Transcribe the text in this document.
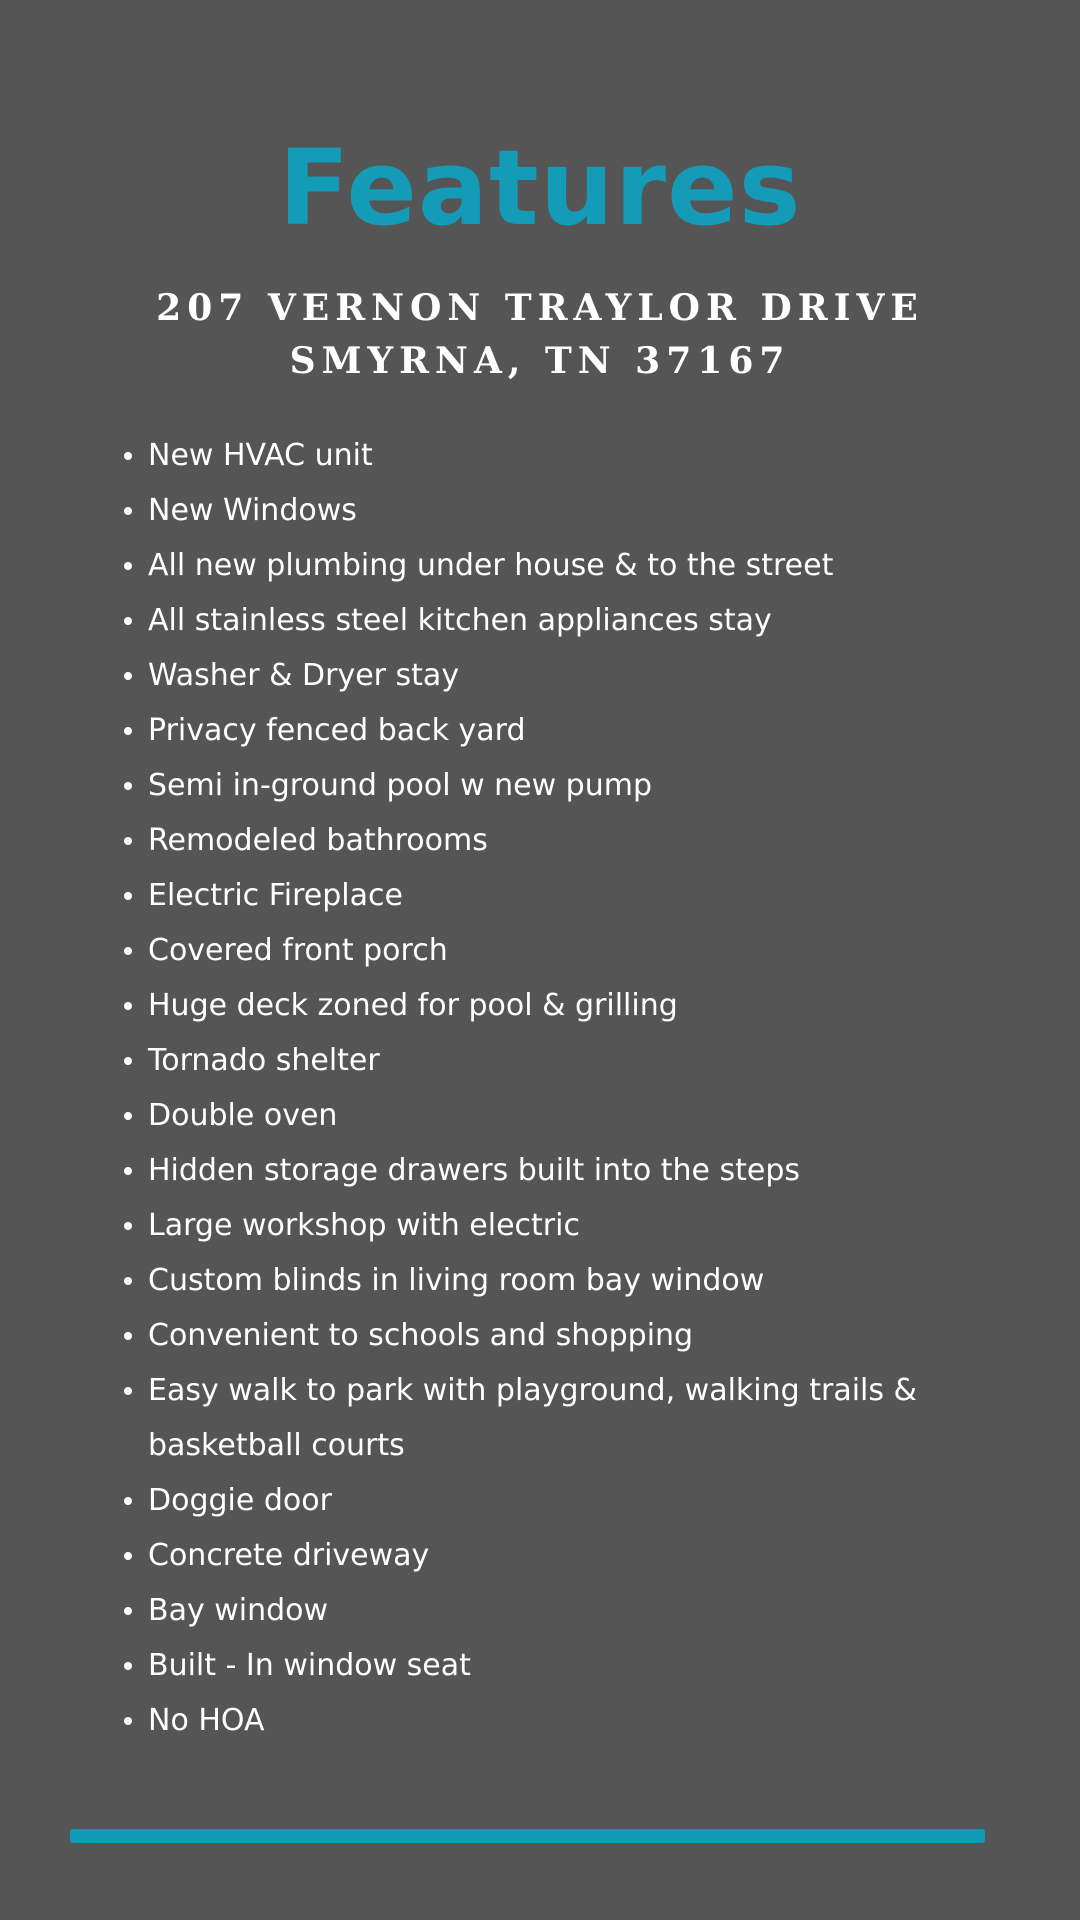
Features
207 VERNON TRAYLOR DRIVE
SMYRNA, TN 37167
New HVAC unit
New Windows
All new plumbing under house & to the street
All stainless steel kitchen appliances stay
Washer & Dryer stay
Privacy fenced back yard
Semi in-ground pool w new pump
Remodeled bathrooms
Electric Fireplace
Covered front porch
Huge deck zoned for pool & grilling
Tornado shelter
Double oven
Hidden storage drawers built into the steps
Large workshop with electric
Custom blinds in living room bay window
Convenient to schools and shopping
Easy walk to park with playground, walking trails & basketball courts
Doggie door
Concrete driveway
Bay window
Built - In window seat
No HOA
